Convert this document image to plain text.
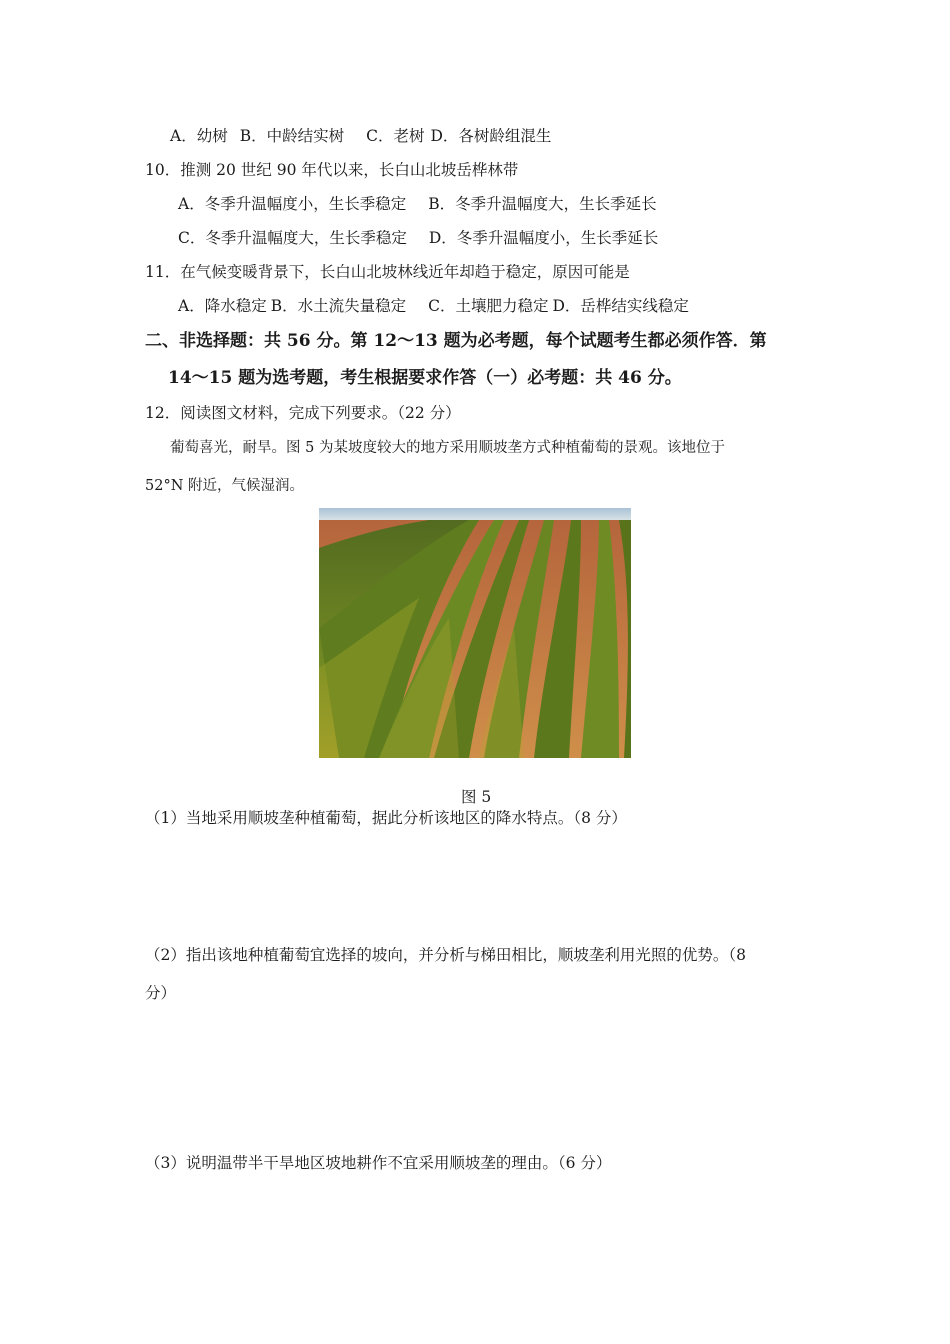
A．幼树 B．中龄结实树 C．老树 D．各树龄组混生
10．推测 20 世纪 90 年代以来，长白山北坡岳桦林带
A．冬季升温幅度小，生长季稳定 B．冬季升温幅度大，生长季延长
C．冬季升温幅度大，生长季稳定 D．冬季升温幅度小，生长季延长
11．在气候变暖背景下，长白山北坡林线近年却趋于稳定，原因可能是
A．降水稳定 B．水土流失量稳定 C．土壤肥力稳定 D．岳桦结实线稳定
二、非选择题：共 56 分。第 12～13 题为必考题，每个试题考生都必须作答．第
14～15 题为选考题，考生根据要求作答（一）必考题：共 46 分。
12．阅读图文材料，完成下列要求。（22 分）
葡萄喜光，耐旱。图 5 为某坡度较大的地方采用顺坡垄方式种植葡萄的景观。该地位于
52°N 附近，气候湿润。
图 5
（1）当地采用顺坡垄种植葡萄，据此分析该地区的降水特点。（8 分）
（2）指出该地种植葡萄宜选择的坡向，并分析与梯田相比，顺坡垄利用光照的优势。（8
分）
（3）说明温带半干旱地区坡地耕作不宜采用顺坡垄的理由。（6 分）
